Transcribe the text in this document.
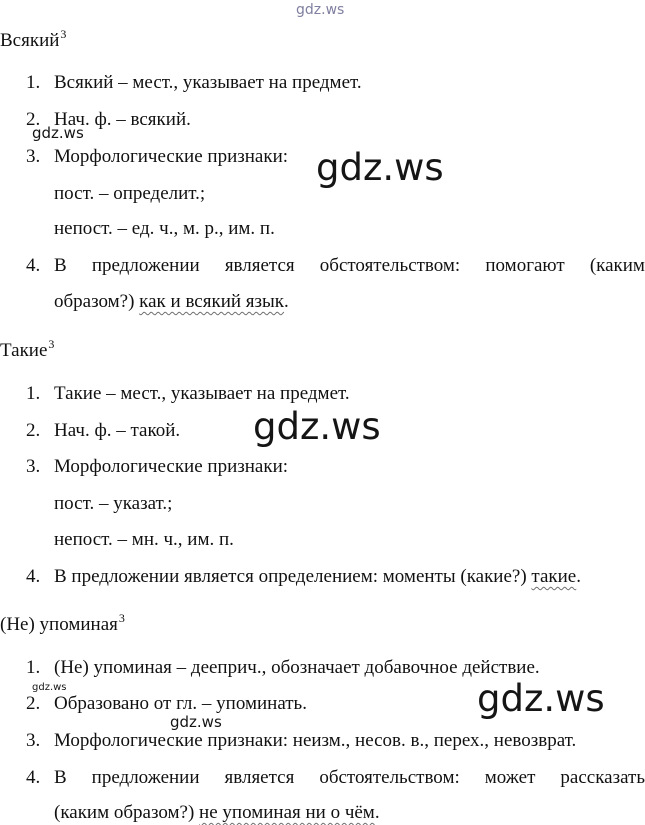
gdz.ws
Всякий$^3$
1. Всякий – мест., указывает на предмет.
2. Нач. ф. – всякий.
3. Морфологические признаки:
пост. – определит.;
непост. – ед. ч., м. р., им. п.
4. В предложении является обстоятельством: помогают (каким
образом?) как и всякий язык.
Такие$^3$
1. Такие – мест., указывает на предмет.
2. Нач. ф. – такой.
3. Морфологические признаки:
пост. – указат.;
непост. – мн. ч., им. п.
4. В предложении является определением: моменты (какие?) такие.
(Не) упоминая$^3$
1. (Не) упоминая – дееприч., обозначает добавочное действие.
2. Образовано от гл. – упоминать.
3. Морфологические признаки: неизм., несов. в., перех., невозврат.
4. В предложении является обстоятельством: может рассказать
(каким образом?) не упоминая ни о чём.
gdz.ws
gdz.ws
gdz.ws
gdz.ws	gdz.ws
gdz.ws
